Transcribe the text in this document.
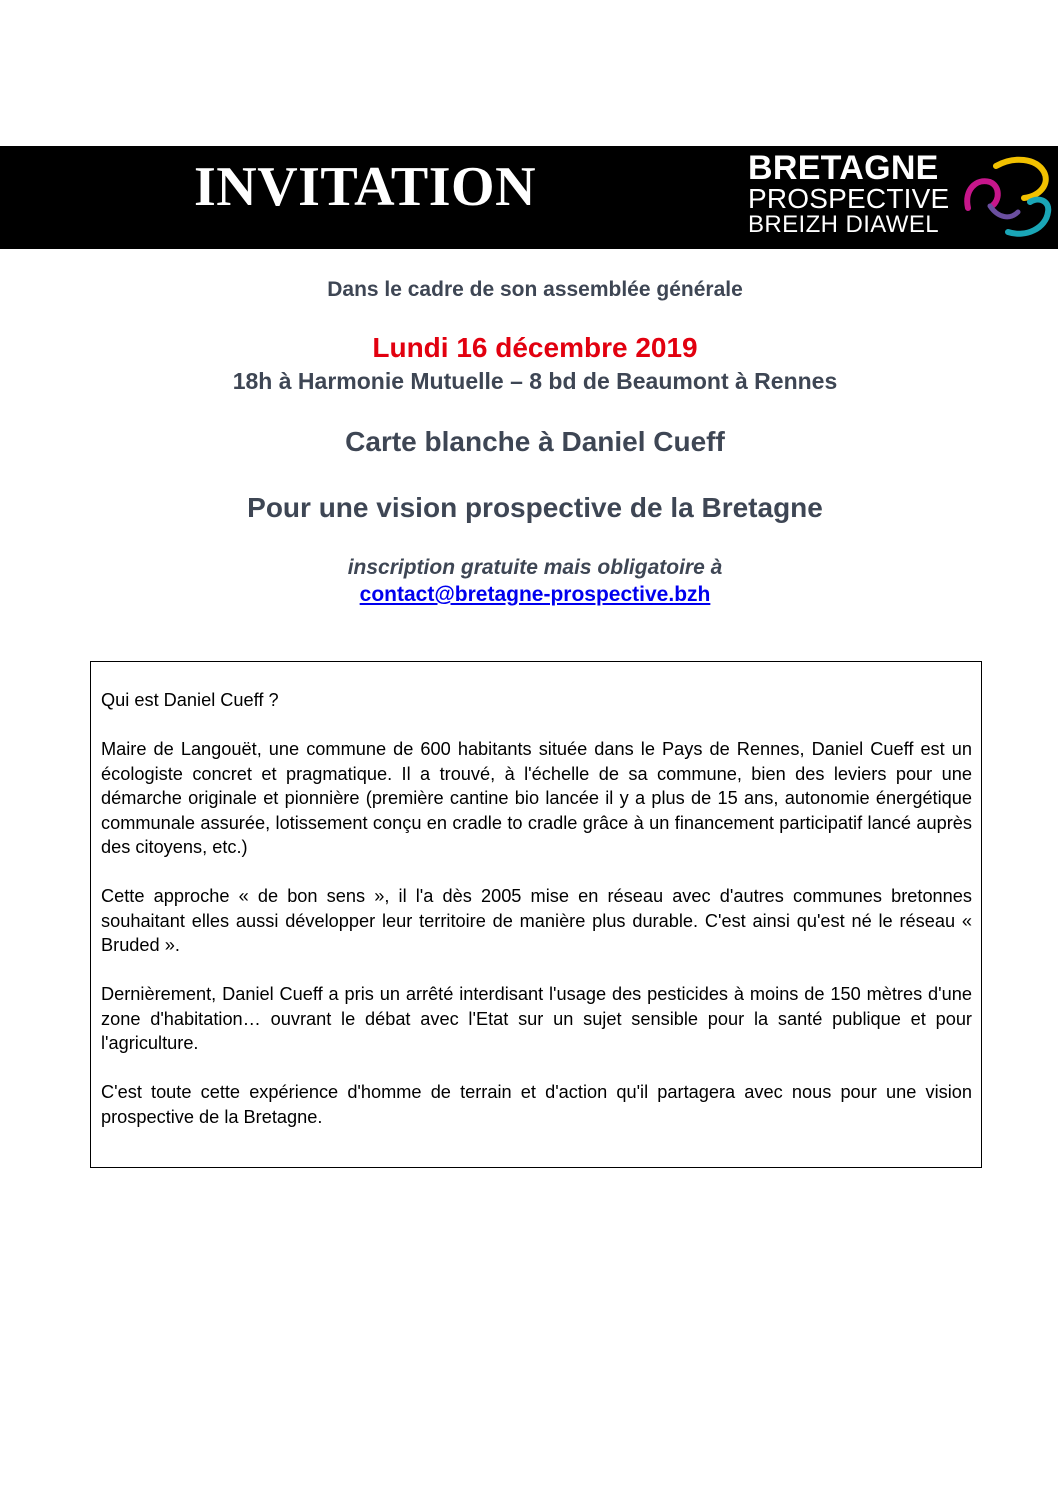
INVITATION	BRETAGNE
PROSPECTIVE
BREIZH DIAWEL
Dans le cadre de son assemblée générale
Lundi 16 décembre 2019
18h à Harmonie Mutuelle – 8 bd de Beaumont à Rennes
Carte blanche à Daniel Cueff
Pour une vision prospective de la Bretagne
inscription gratuite mais obligatoire à
contact@bretagne-prospective.bzh

Qui est Daniel Cueff ?

Maire de Langouët, une commune de 600 habitants située dans le Pays de Rennes, Daniel Cueff est un écologiste concret et pragmatique. Il a trouvé, à l'échelle de sa commune, bien des leviers pour une démarche originale et pionnière (première cantine bio lancée il y a plus de 15 ans, autonomie énergétique communale assurée, lotissement conçu en cradle to cradle grâce à un financement participatif lancé auprès des citoyens, etc.)

Cette approche « de bon sens », il l'a dès 2005 mise en réseau avec d'autres communes bretonnes souhaitant elles aussi développer leur territoire de manière plus durable. C'est ainsi qu'est né le réseau « Bruded ».

Dernièrement, Daniel Cueff a pris un arrêté interdisant l'usage des pesticides à moins de 150 mètres d'une zone d'habitation… ouvrant le débat avec l'Etat sur un sujet sensible pour la santé publique et pour l'agriculture.

C'est toute cette expérience d'homme de terrain et d'action qu'il partagera avec nous pour une vision prospective de la Bretagne.
